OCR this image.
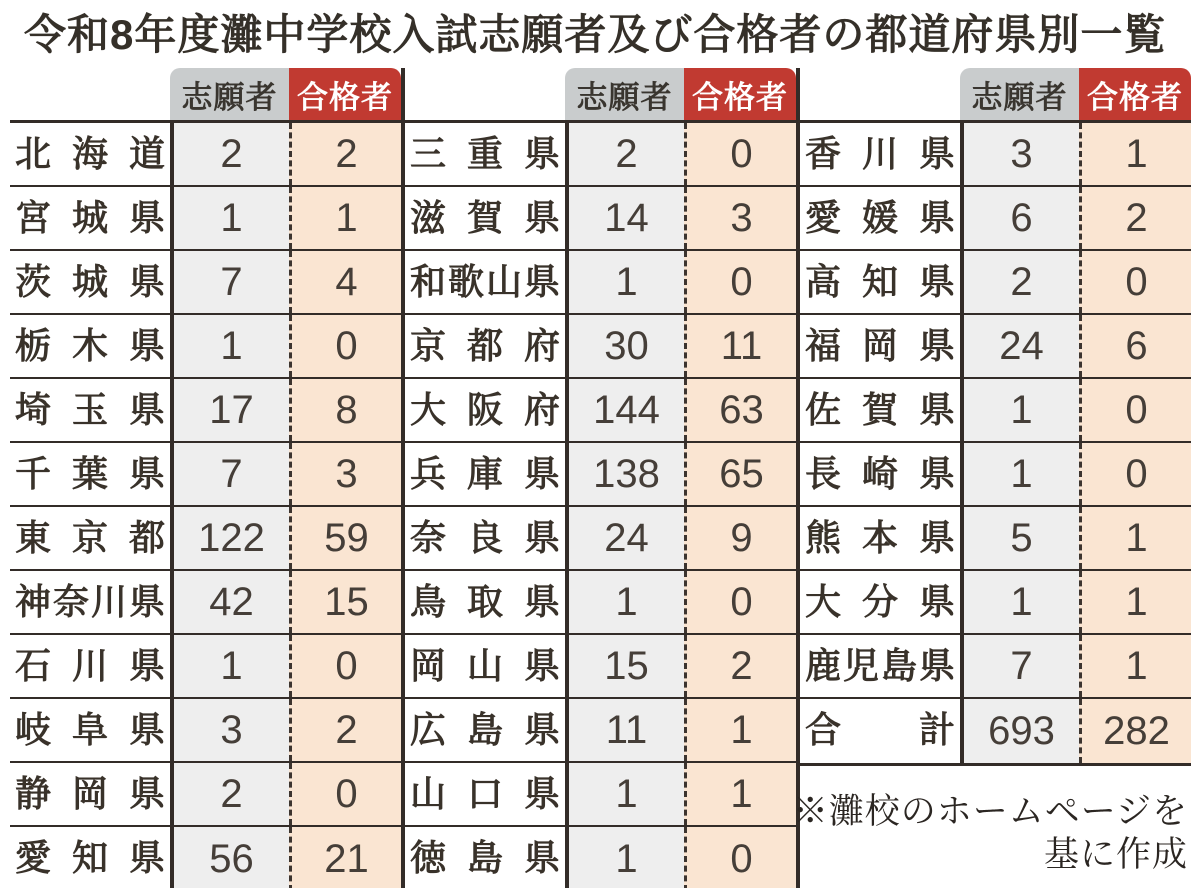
令和8年度灘中学校入試志願者及び合格者の都道府県別一覧
志願者 合格者
北海道	2	2
宮城県	1	1
茨城県	7	4
栃木県	1	0
埼玉県	17	8
千葉県	7	3
東京都 122	59
神奈川県	42	15
石川県	1	0
岐阜県	3	2
静岡県	2	0
愛知県	56	21
志願者 合格者
三重県	2	0
滋賀県	14	3
和歌山県	1	0
京都府	30	11
大阪府 144	63
兵庫県 138	65
奈良県	24	9
鳥取県	1	0
岡山県	15	2
広島県	11	1
山口県	1	1
徳島県	1	0
志願者 合格者
香川県	3	1
愛媛県	6	2
高知県	2	0
福岡県	24	6
佐賀県	1	0
長崎県	1	0
熊本県	5	1
大分県	1	1
鹿児島県	7	1
合計 693	282
※灘校のホームページを
基に作成
